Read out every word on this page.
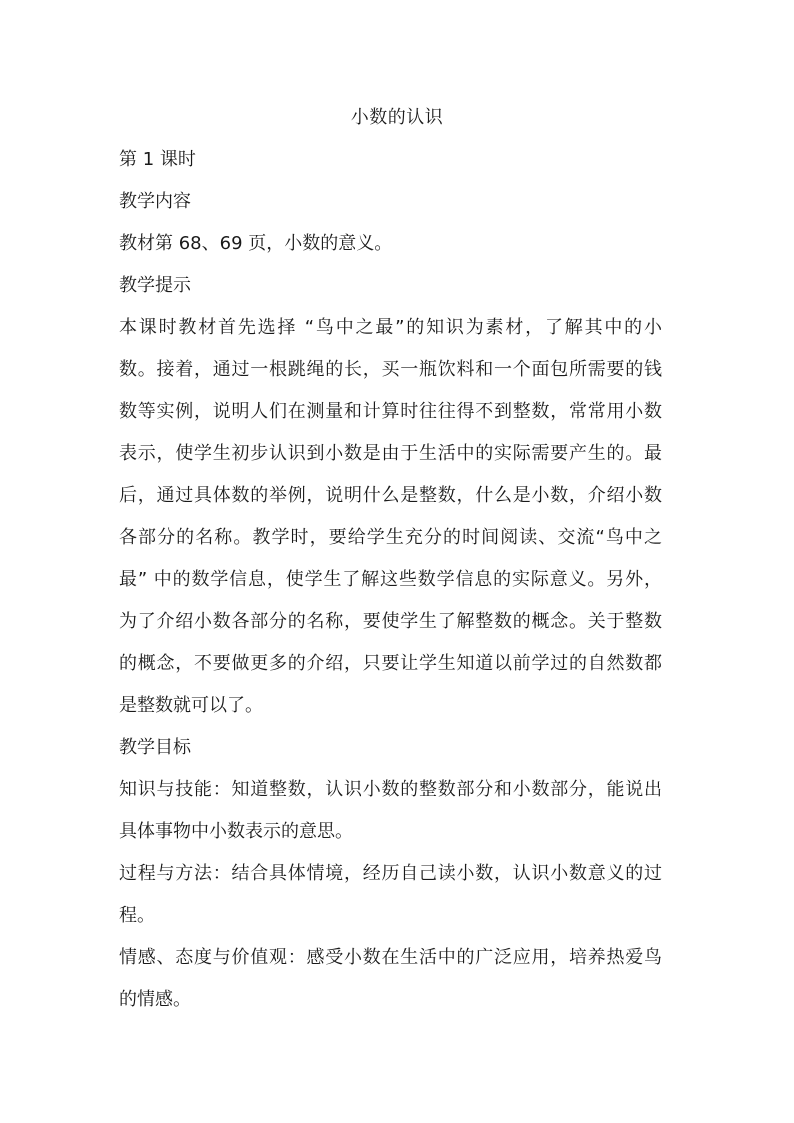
小数的认识
第 1 课时
教学内容
教材第 68、69 页，小数的意义。
教学提示
本课时教材首先选择 “鸟中之最”的知识为素材，了解其中的小
数。接着，通过一根跳绳的长，买一瓶饮料和一个面包所需要的钱
数等实例，说明人们在测量和计算时往往得不到整数，常常用小数
表示，使学生初步认识到小数是由于生活中的实际需要产生的。最
后，通过具体数的举例，说明什么是整数，什么是小数，介绍小数
各部分的名称。教学时，要给学生充分的时间阅读、交流“鸟中之
最” 中的数学信息，使学生了解这些数学信息的实际意义。另外，
为了介绍小数各部分的名称，要使学生了解整数的概念。关于整数
的概念，不要做更多的介绍，只要让学生知道以前学过的自然数都
是整数就可以了。
教学目标
知识与技能：知道整数，认识小数的整数部分和小数部分，能说出
具体事物中小数表示的意思。
过程与方法：结合具体情境，经历自己读小数，认识小数意义的过
程。
情感、态度与价值观：感受小数在生活中的广泛应用，培养热爱鸟
的情感。
